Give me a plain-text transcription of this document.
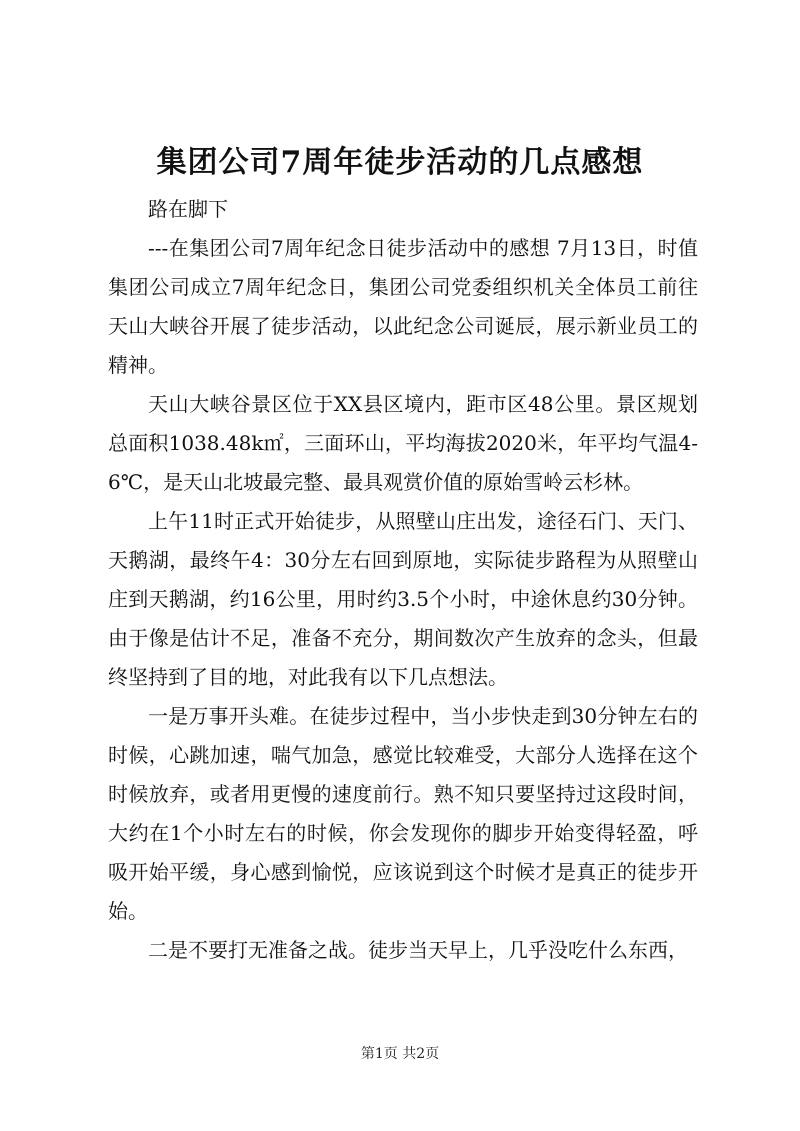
集团公司7周年徒步活动的几点感想

路在脚下

---在集团公司7周年纪念日徒步活动中的感想 7月13日，时值集团公司成立7周年纪念日，集团公司党委组织机关全体员工前往天山大峡谷开展了徒步活动，以此纪念公司诞辰，展示新业员工的精神。

天山大峡谷景区位于XX县区境内，距市区48公里。景区规划总面积1038.48k㎡，三面环山，平均海拔2020米，年平均气温4-6℃，是天山北坡最完整、最具观赏价值的原始雪岭云杉林。

上午11时正式开始徒步，从照壁山庄出发，途径石门、天门、天鹅湖，最终午4：30分左右回到原地，实际徒步路程为从照壁山庄到天鹅湖，约16公里，用时约3.5个小时，中途休息约30分钟。由于像是估计不足，准备不充分，期间数次产生放弃的念头，但最终坚持到了目的地，对此我有以下几点想法。

一是万事开头难。在徒步过程中，当小步快走到30分钟左右的时候，心跳加速，喘气加急，感觉比较难受，大部分人选择在这个时候放弃，或者用更慢的速度前行。熟不知只要坚持过这段时间，大约在1个小时左右的时候，你会发现你的脚步开始变得轻盈，呼吸开始平缓，身心感到愉悦，应该说到这个时候才是真正的徒步开始。

二是不要打无准备之战。徒步当天早上，几乎没吃什么东西，

第1页 共2页
